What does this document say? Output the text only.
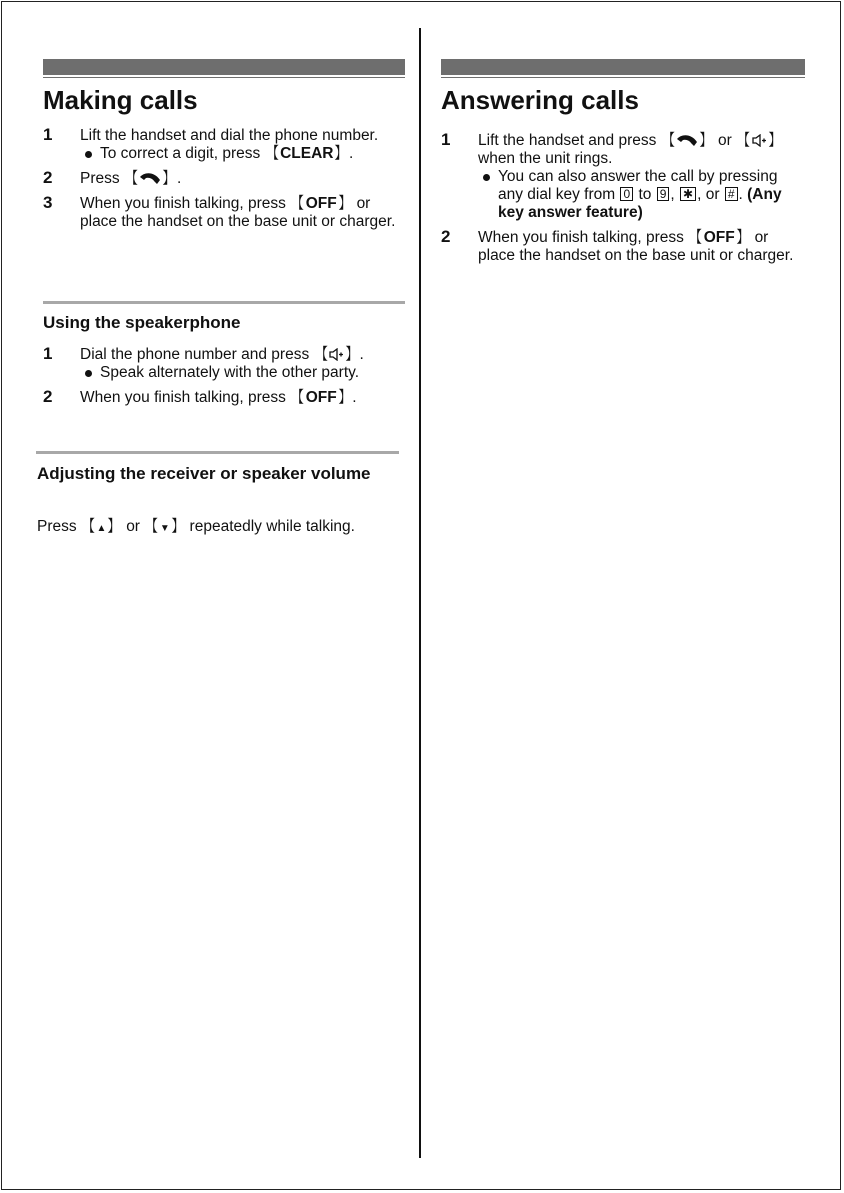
Making calls
1 Lift the handset and dial the phone number.
To correct a digit, press 【 CLEAR 】 .
2 Press 【 】 .
3 When you finish talking, press 【 OFF 】 or place the handset on the base unit or charger.
Using the speakerphone
1 Dial the phone number and press 【 】 .
Speak alternately with the other party.
2 When you finish talking, press 【 OFF 】 .
Adjusting the receiver or speaker volume

Press 【 ▲ 】 or 【 ▼ 】 repeatedly while talking.

Answering calls
1 Lift the handset and press 【 】 or 【 】 when the unit rings.
You can also answer the call by pressing any dial key from 0 to 9 , ✱ , or # . (Any key answer feature)
2 When you finish talking, press 【 OFF 】 or place the handset on the base unit or charger.
